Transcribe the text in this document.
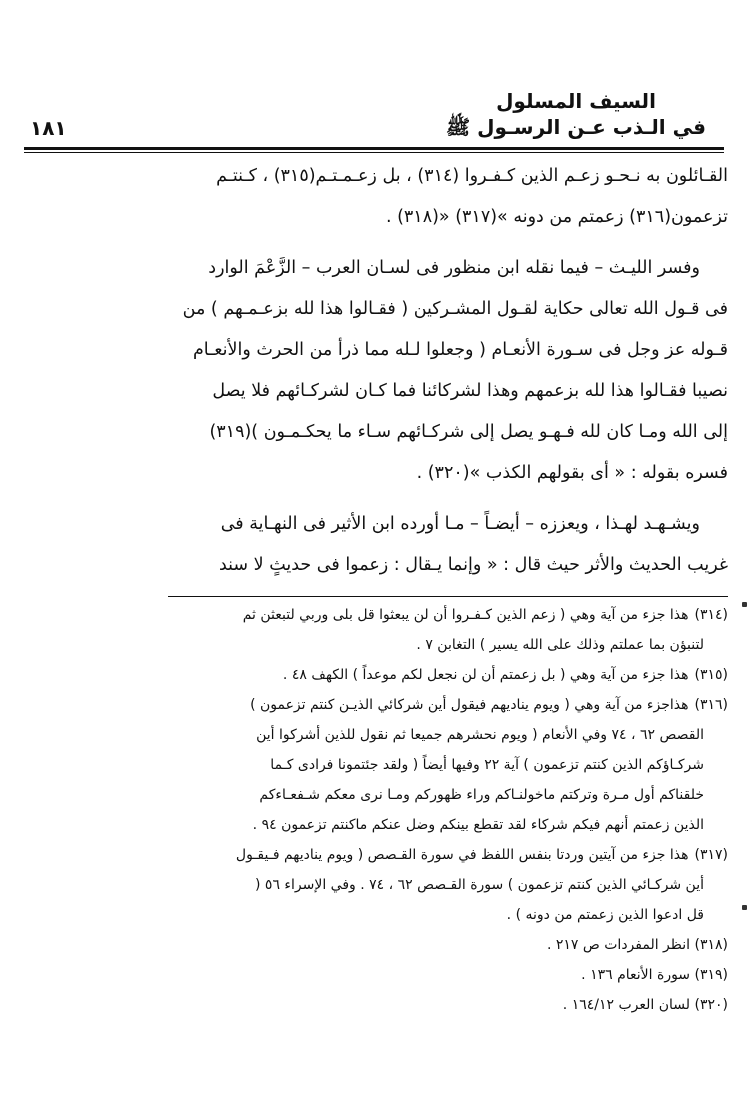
السيف المسلول
في الـذب عـن الرسـول ﷺ
١٨١

القـائلون به نـحـو زعـم الذين كـفـروا (٣١٤) ، بل زعـمـتـم(٣١٥) ، كـنتـم

تزعمون(٣١٦) زعمتم من دونه »(٣١٧) «(٣١٨) .

وفسر الليـث – فيما نقله ابن منظور فى لسـان العرب – الزَّعْمَ الوارد

فى قـول الله تعالى حكاية لقـول المشـركين ( فقـالوا هذا لله بزعـمـهم ) من

قـوله عز وجل فى سـورة الأنعـام ( وجعلوا لـله مما ذرأ من الحرث والأنعـام

نصيبا فقـالوا هذا لله بزعمهم وهذا لشركائنا فما كـان لشركـائهم فلا يصل

إلى الله ومـا كان لله فـهـو يصل إلى شركـائهم سـاء ما يحكـمـون )(٣١٩)

فسره بقوله : « أى بقولهم الكذب »(٣٢٠) .

ويشـهـد لهـذا ، ويعززه – أيضـاً – مـا أورده ابن الأثير فى النهـاية فى

غريب الحديث والأثر حيث قال : « وإنما يـقال : زعموا فى حديثٍ لا سند

(٣١٤)هذا جزء من آية وهي ( زعم الذين كـفـروا أن لن يبعثوا قل بلى وربي لتبعثن ثم
لتنبؤن بما عملتم وذلك على الله يسير ) التغابن ٧ .
(٣١٥)هذا جزء من آية وهي ( بل زعمتم أن لن نجعل لكم موعداً ) الكهف ٤٨ .
(٣١٦)هذاجزء من آية وهي ( ويوم يناديهم فيقول أين شركائي الذيـن كنتم تزعمون )
القصص ٦٢ ، ٧٤ وفي الأنعام ( ويوم نحشرهم جميعا ثم نقول للذين أشركوا أين
شركـاؤكم الذين كنتم تزعمون ) آية ٢٢ وفيها أيضاً ( ولقد جئتمونا فرادى كـما
خلقناكم أول مـرة وتركتم ماخولنـاكم وراء ظهوركم ومـا نرى معكم شـفعـاءكم
الذين زعمتم أنهم فيكم شركاء لقد تقطع بينكم وضل عنكم ماكنتم تزعمون ٩٤ .
(٣١٧)هذا جزء من آيتين وردتا بنفس اللفظ في سورة القـصص ( ويوم يناديهم فـيقـول
أين شركـائي الذين كنتم تزعمون ) سورة القـصص ٦٢ ، ٧٤ . وفي الإسراء ٥٦ (
قل ادعوا الذين زعمتم من دونه ) .
(٣١٨) انظر المفردات ص ٢١٧ .
(٣١٩) سورة الأنعام ١٣٦ .
(٣٢٠) لسان العرب ١٦٤/١٢ .
